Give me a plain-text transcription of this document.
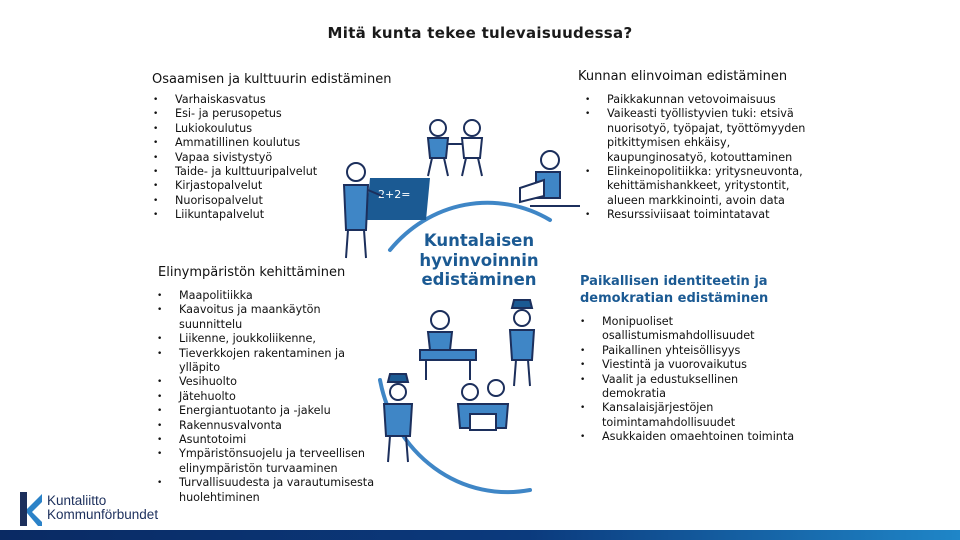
Mitä kunta tekee tulevaisuudessa?
Osaamisen ja kulttuurin edistäminen
• Varhaiskasvatus
• Esi- ja perusopetus
• Lukiokoulutus
• Ammatillinen koulutus
• Vapaa sivistystyö
• Taide- ja kulttuuripalvelut
• Kirjastopalvelut
• Nuorisopalvelut
• Liikuntapalvelut
Elinympäristön kehittäminen
• Maapolitiikka
• Kaavoitus ja maankäytön suunnittelu
• Liikenne, joukkoliikenne,
• Tieverkkojen rakentaminen ja ylläpito
• Vesihuolto
• Jätehuolto
• Energiantuotanto ja -jakelu
• Rakennusvalvonta
• Asuntotoimi
• Ympäristönsuojelu ja terveellisen elinympäristön turvaaminen
• Turvallisuudesta ja varautumisesta huolehtiminen
Kunnan elinvoiman edistäminen
• Paikkakunnan vetovoimaisuus
• Vaikeasti työllistyvien tuki: etsivä nuorisotyö, työpajat, työttömyyden pitkittymisen ehkäisy, kaupunginosatyö, kotouttaminen
• Elinkeinopolitiikka: yritysneuvonta, kehittämishankkeet, yritystontit, alueen markkinointi, avoin data
• Resurssiviisaat toimintatavat
Paikallisen identiteetin ja
demokratian edistäminen
• Monipuoliset osallistumismahdollisuudet
• Paikallinen yhteisöllisyys
• Viestintä ja vuorovaikutus
• Vaalit ja edustuksellinen demokratia
• Kansalaisjärjestöjen toimintamahdollisuudet
• Asukkaiden omaehtoinen toiminta
2+2=
Kuntalaisen
hyvinvoinnin
edistäminen
Kuntaliitto
Kommunförbundet
